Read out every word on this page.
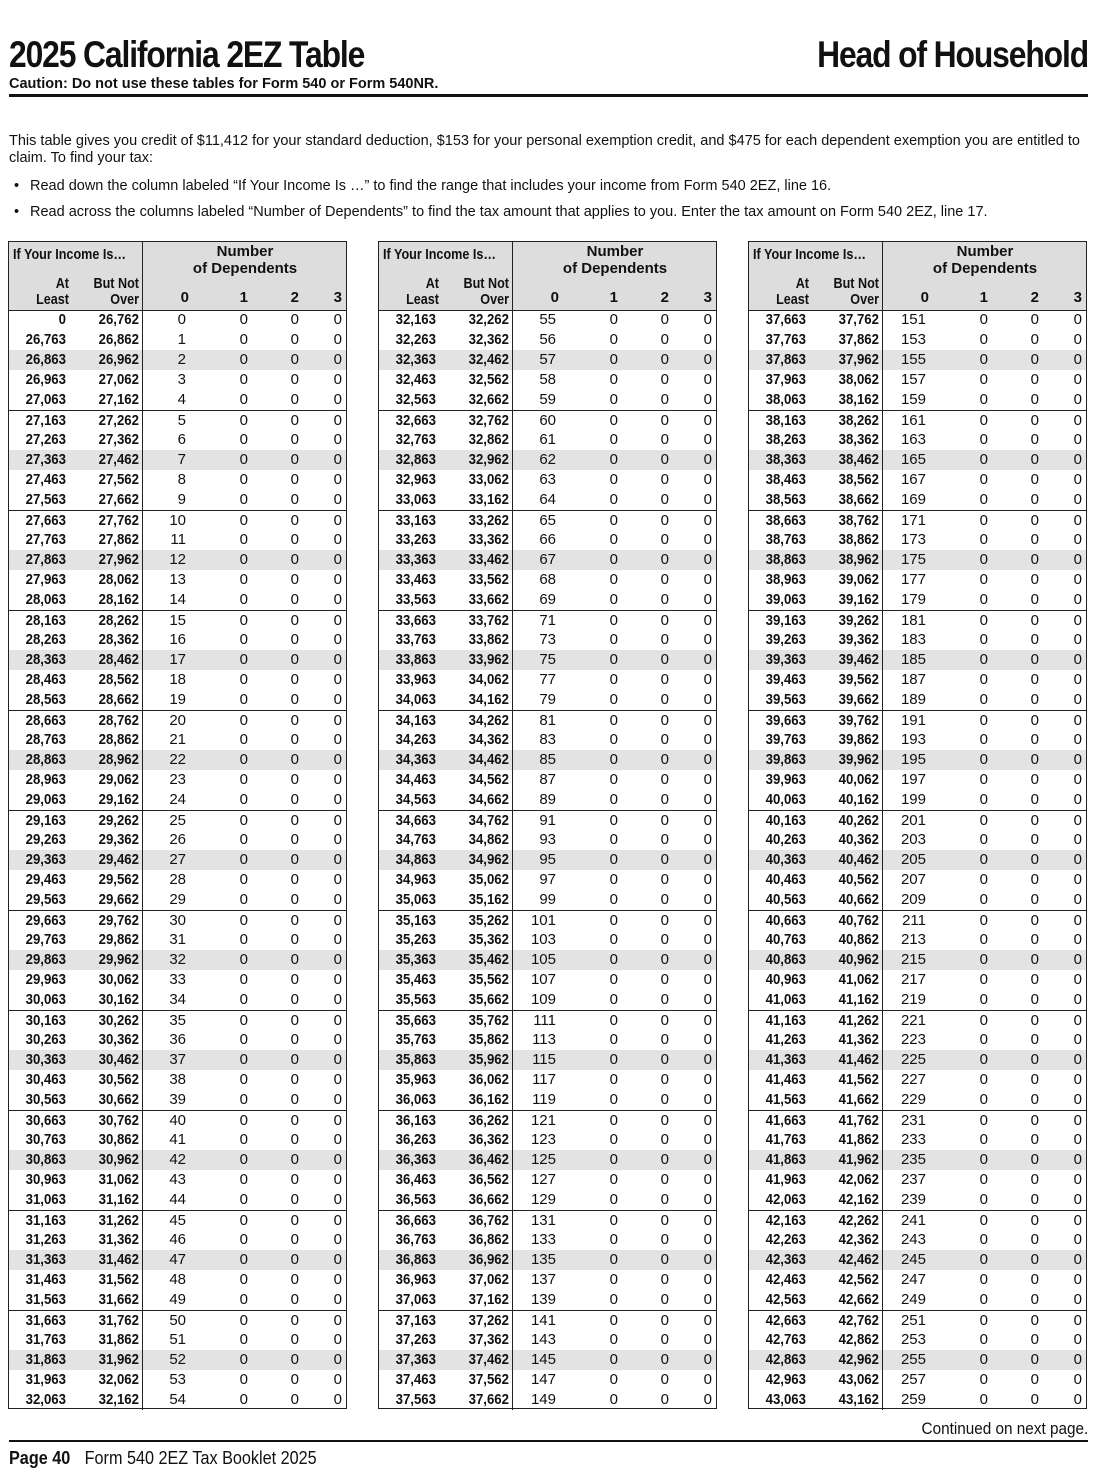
2025 California 2EZ Table	Head of Household
Caution: Do not use these tables for Form 540 or Form 540NR.
This table gives you credit of $11,412 for your standard deduction, $153 for your personal exemption credit, and $475 for each dependent exemption you are entitled to claim. To find your tax:
• Read down the column labeled “If Your Income Is …” to find the range that includes your income from Form 540 2EZ, line 16.
• Read across the columns labeled “Number of Dependents” to find the tax amount that applies to you. Enter the tax amount on Form 540 2EZ, line 17.
If Your Income Is…	Number
of Dependents
At
Least
But Not
Over	0	1	2	3
0	26,762	0	0	0	0
26,763	26,862	1	0	0	0
26,863	26,962	2	0	0	0
26,963	27,062	3	0	0	0
27,063	27,162	4	0	0	0
27,163	27,262	5	0	0	0
27,263	27,362	6	0	0	0
27,363	27,462	7	0	0	0
27,463	27,562	8	0	0	0
27,563	27,662	9	0	0	0
27,663	27,762	10	0	0	0
27,763	27,862	11	0	0	0
27,863	27,962	12	0	0	0
27,963	28,062	13	0	0	0
28,063	28,162	14	0	0	0
28,163	28,262	15	0	0	0
28,263	28,362	16	0	0	0
28,363	28,462	17	0	0	0
28,463	28,562	18	0	0	0
28,563	28,662	19	0	0	0
28,663	28,762	20	0	0	0
28,763	28,862	21	0	0	0
28,863	28,962	22	0	0	0
28,963	29,062	23	0	0	0
29,063	29,162	24	0	0	0
29,163	29,262	25	0	0	0
29,263	29,362	26	0	0	0
29,363	29,462	27	0	0	0
29,463	29,562	28	0	0	0
29,563	29,662	29	0	0	0
29,663	29,762	30	0	0	0
29,763	29,862	31	0	0	0
29,863	29,962	32	0	0	0
29,963	30,062	33	0	0	0
30,063	30,162	34	0	0	0
30,163	30,262	35	0	0	0
30,263	30,362	36	0	0	0
30,363	30,462	37	0	0	0
30,463	30,562	38	0	0	0
30,563	30,662	39	0	0	0
30,663	30,762	40	0	0	0
30,763	30,862	41	0	0	0
30,863	30,962	42	0	0	0
30,963	31,062	43	0	0	0
31,063	31,162	44	0	0	0
31,163	31,262	45	0	0	0
31,263	31,362	46	0	0	0
31,363	31,462	47	0	0	0
31,463	31,562	48	0	0	0
31,563	31,662	49	0	0	0
31,663	31,762	50	0	0	0
31,763	31,862	51	0	0	0
31,863	31,962	52	0	0	0
31,963	32,062	53	0	0	0
32,063	32,162	54	0	0	0
If Your Income Is…	Number
of Dependents
At
Least
But Not
Over	0	1	2	3
32,163	32,262	55	0	0	0
32,263	32,362	56	0	0	0
32,363	32,462	57	0	0	0
32,463	32,562	58	0	0	0
32,563	32,662	59	0	0	0
32,663	32,762	60	0	0	0
32,763	32,862	61	0	0	0
32,863	32,962	62	0	0	0
32,963	33,062	63	0	0	0
33,063	33,162	64	0	0	0
33,163	33,262	65	0	0	0
33,263	33,362	66	0	0	0
33,363	33,462	67	0	0	0
33,463	33,562	68	0	0	0
33,563	33,662	69	0	0	0
33,663	33,762	71	0	0	0
33,763	33,862	73	0	0	0
33,863	33,962	75	0	0	0
33,963	34,062	77	0	0	0
34,063	34,162	79	0	0	0
34,163	34,262	81	0	0	0
34,263	34,362	83	0	0	0
34,363	34,462	85	0	0	0
34,463	34,562	87	0	0	0
34,563	34,662	89	0	0	0
34,663	34,762	91	0	0	0
34,763	34,862	93	0	0	0
34,863	34,962	95	0	0	0
34,963	35,062	97	0	0	0
35,063	35,162	99	0	0	0
35,163	35,262	101	0	0	0
35,263	35,362	103	0	0	0
35,363	35,462	105	0	0	0
35,463	35,562	107	0	0	0
35,563	35,662	109	0	0	0
35,663	35,762	111	0	0	0
35,763	35,862	113	0	0	0
35,863	35,962	115	0	0	0
35,963	36,062	117	0	0	0
36,063	36,162	119	0	0	0
36,163	36,262	121	0	0	0
36,263	36,362	123	0	0	0
36,363	36,462	125	0	0	0
36,463	36,562	127	0	0	0
36,563	36,662	129	0	0	0
36,663	36,762	131	0	0	0
36,763	36,862	133	0	0	0
36,863	36,962	135	0	0	0
36,963	37,062	137	0	0	0
37,063	37,162	139	0	0	0
37,163	37,262	141	0	0	0
37,263	37,362	143	0	0	0
37,363	37,462	145	0	0	0
37,463	37,562	147	0	0	0
37,563	37,662	149	0	0	0
If Your Income Is…	Number
of Dependents
At
Least
But Not
Over	0	1	2	3
37,663	37,762	151	0	0	0
37,763	37,862	153	0	0	0
37,863	37,962	155	0	0	0
37,963	38,062	157	0	0	0
38,063	38,162	159	0	0	0
38,163	38,262	161	0	0	0
38,263	38,362	163	0	0	0
38,363	38,462	165	0	0	0
38,463	38,562	167	0	0	0
38,563	38,662	169	0	0	0
38,663	38,762	171	0	0	0
38,763	38,862	173	0	0	0
38,863	38,962	175	0	0	0
38,963	39,062	177	0	0	0
39,063	39,162	179	0	0	0
39,163	39,262	181	0	0	0
39,263	39,362	183	0	0	0
39,363	39,462	185	0	0	0
39,463	39,562	187	0	0	0
39,563	39,662	189	0	0	0
39,663	39,762	191	0	0	0
39,763	39,862	193	0	0	0
39,863	39,962	195	0	0	0
39,963	40,062	197	0	0	0
40,063	40,162	199	0	0	0
40,163	40,262	201	0	0	0
40,263	40,362	203	0	0	0
40,363	40,462	205	0	0	0
40,463	40,562	207	0	0	0
40,563	40,662	209	0	0	0
40,663	40,762	211	0	0	0
40,763	40,862	213	0	0	0
40,863	40,962	215	0	0	0
40,963	41,062	217	0	0	0
41,063	41,162	219	0	0	0
41,163	41,262	221	0	0	0
41,263	41,362	223	0	0	0
41,363	41,462	225	0	0	0
41,463	41,562	227	0	0	0
41,563	41,662	229	0	0	0
41,663	41,762	231	0	0	0
41,763	41,862	233	0	0	0
41,863	41,962	235	0	0	0
41,963	42,062	237	0	0	0
42,063	42,162	239	0	0	0
42,163	42,262	241	0	0	0
42,263	42,362	243	0	0	0
42,363	42,462	245	0	0	0
42,463	42,562	247	0	0	0
42,563	42,662	249	0	0	0
42,663	42,762	251	0	0	0
42,763	42,862	253	0	0	0
42,863	42,962	255	0	0	0
42,963	43,062	257	0	0	0
43,063	43,162	259	0	0	0
Continued on next page.
Page 40 Form 540 2EZ Tax Booklet 2025
